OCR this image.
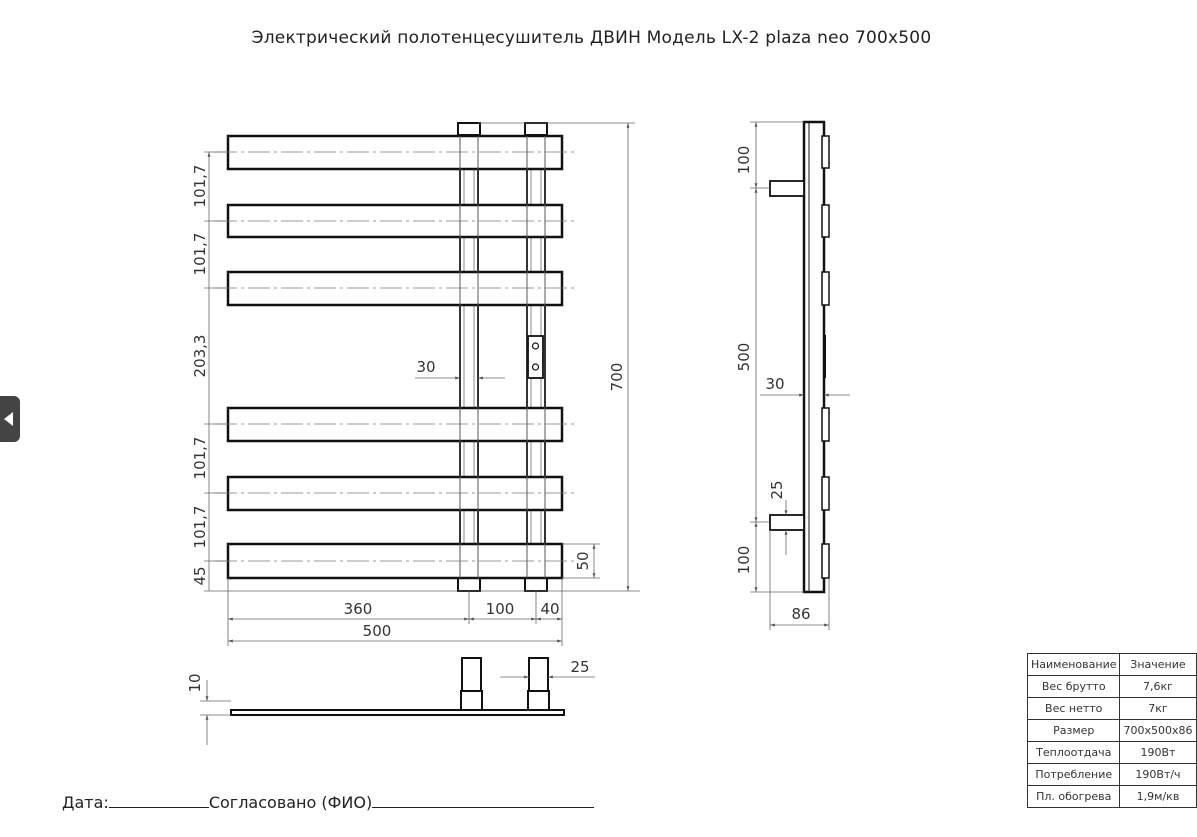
Электрический полотенцесушитель ДВИН Модель LX-2 plaza neo 700x500
101,7
101,7
203,3
101,7
101,7
45
700
50
30
360	100 40
500
10
25
100
500
100
30
25
86
Наименование	Значение
Вес брутто	7,6кг
Вес нетто	7кг
Размер	700x500x86
Теплоотдача	190Вт
Потребление	190Вт/ч
Пл. обогрева	1,9м/кв
Дата:	Согласовано (ФИО)
